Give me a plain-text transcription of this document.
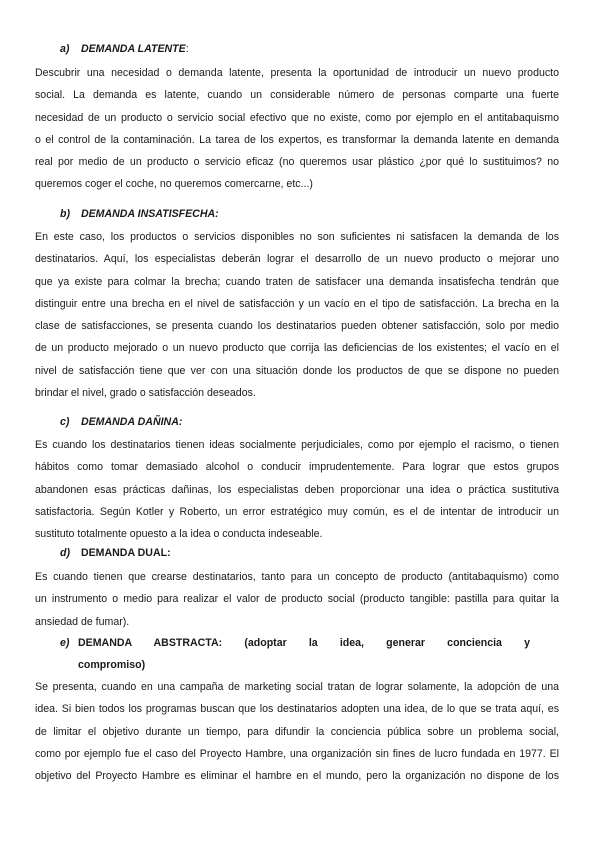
a) DEMANDA LATENTE:
Descubrir una necesidad o demanda latente, presenta la oportunidad de introducir un nuevo producto
social. La demanda es latente, cuando un considerable número de personas comparte una fuerte
necesidad de un producto o servicio social efectivo que no existe, como por ejemplo en el antitabaquismo
o el control de la contaminación. La tarea de los expertos, es transformar la demanda latente en demanda
real por medio de un producto o servicio eficaz (no queremos usar plástico ¿por qué lo sustituimos? no
queremos coger el coche, no queremos comercarne, etc...)
b) DEMANDA INSATISFECHA:
En este caso, los productos o servicios disponibles no son suficientes ni satisfacen la demanda de los
destinatarios. Aquí, los especialistas deberán lograr el desarrollo de un nuevo producto o mejorar uno
que ya existe para colmar la brecha; cuando traten de satisfacer una demanda insatisfecha tendrán que
distinguir entre una brecha en el nivel de satisfacción y un vacío en el tipo de satisfacción. La brecha en la
clase de satisfacciones, se presenta cuando los destinatarios pueden obtener satisfacción, solo por medio
de un producto mejorado o un nuevo producto que corrija las deficiencias de los existentes; el vacío en el
nivel de satisfacción tiene que ver con una situación donde los productos de que se dispone no pueden
brindar el nivel, grado o satisfacción deseados.
c) DEMANDA DAÑINA:
Es cuando los destinatarios tienen ideas socialmente perjudiciales, como por ejemplo el racismo, o tienen
hábitos como tomar demasiado alcohol o conducir imprudentemente. Para lograr que estos grupos
abandonen esas prácticas dañinas, los especialistas deben proporcionar una idea o práctica sustitutiva
satisfactoria. Según Kotler y Roberto, un error estratégico muy común, es el de intentar de introducir un
sustituto totalmente opuesto a la idea o conducta indeseable.
d) DEMANDA DUAL:
Es cuando tienen que crearse destinatarios, tanto para un concepto de producto (antitabaquismo) como
un instrumento o medio para realizar el valor de producto social (producto tangible: pastilla para quitar la
ansiedad de fumar).
e) DEMANDA ABSTRACTA: (adoptar la idea, generar conciencia y
compromiso)
Se presenta, cuando en una campaña de marketing social tratan de lograr solamente, la adopción de una
idea. Si bien todos los programas buscan que los destinatarios adopten una idea, de lo que se trata aquí, es
de limitar el objetivo durante un tiempo, para difundir la conciencia pública sobre un problema social,
como por ejemplo fue el caso del Proyecto Hambre, una organización sin fines de lucro fundada en 1977. El
objetivo del Proyecto Hambre es eliminar el hambre en el mundo, pero la organización no dispone de los
